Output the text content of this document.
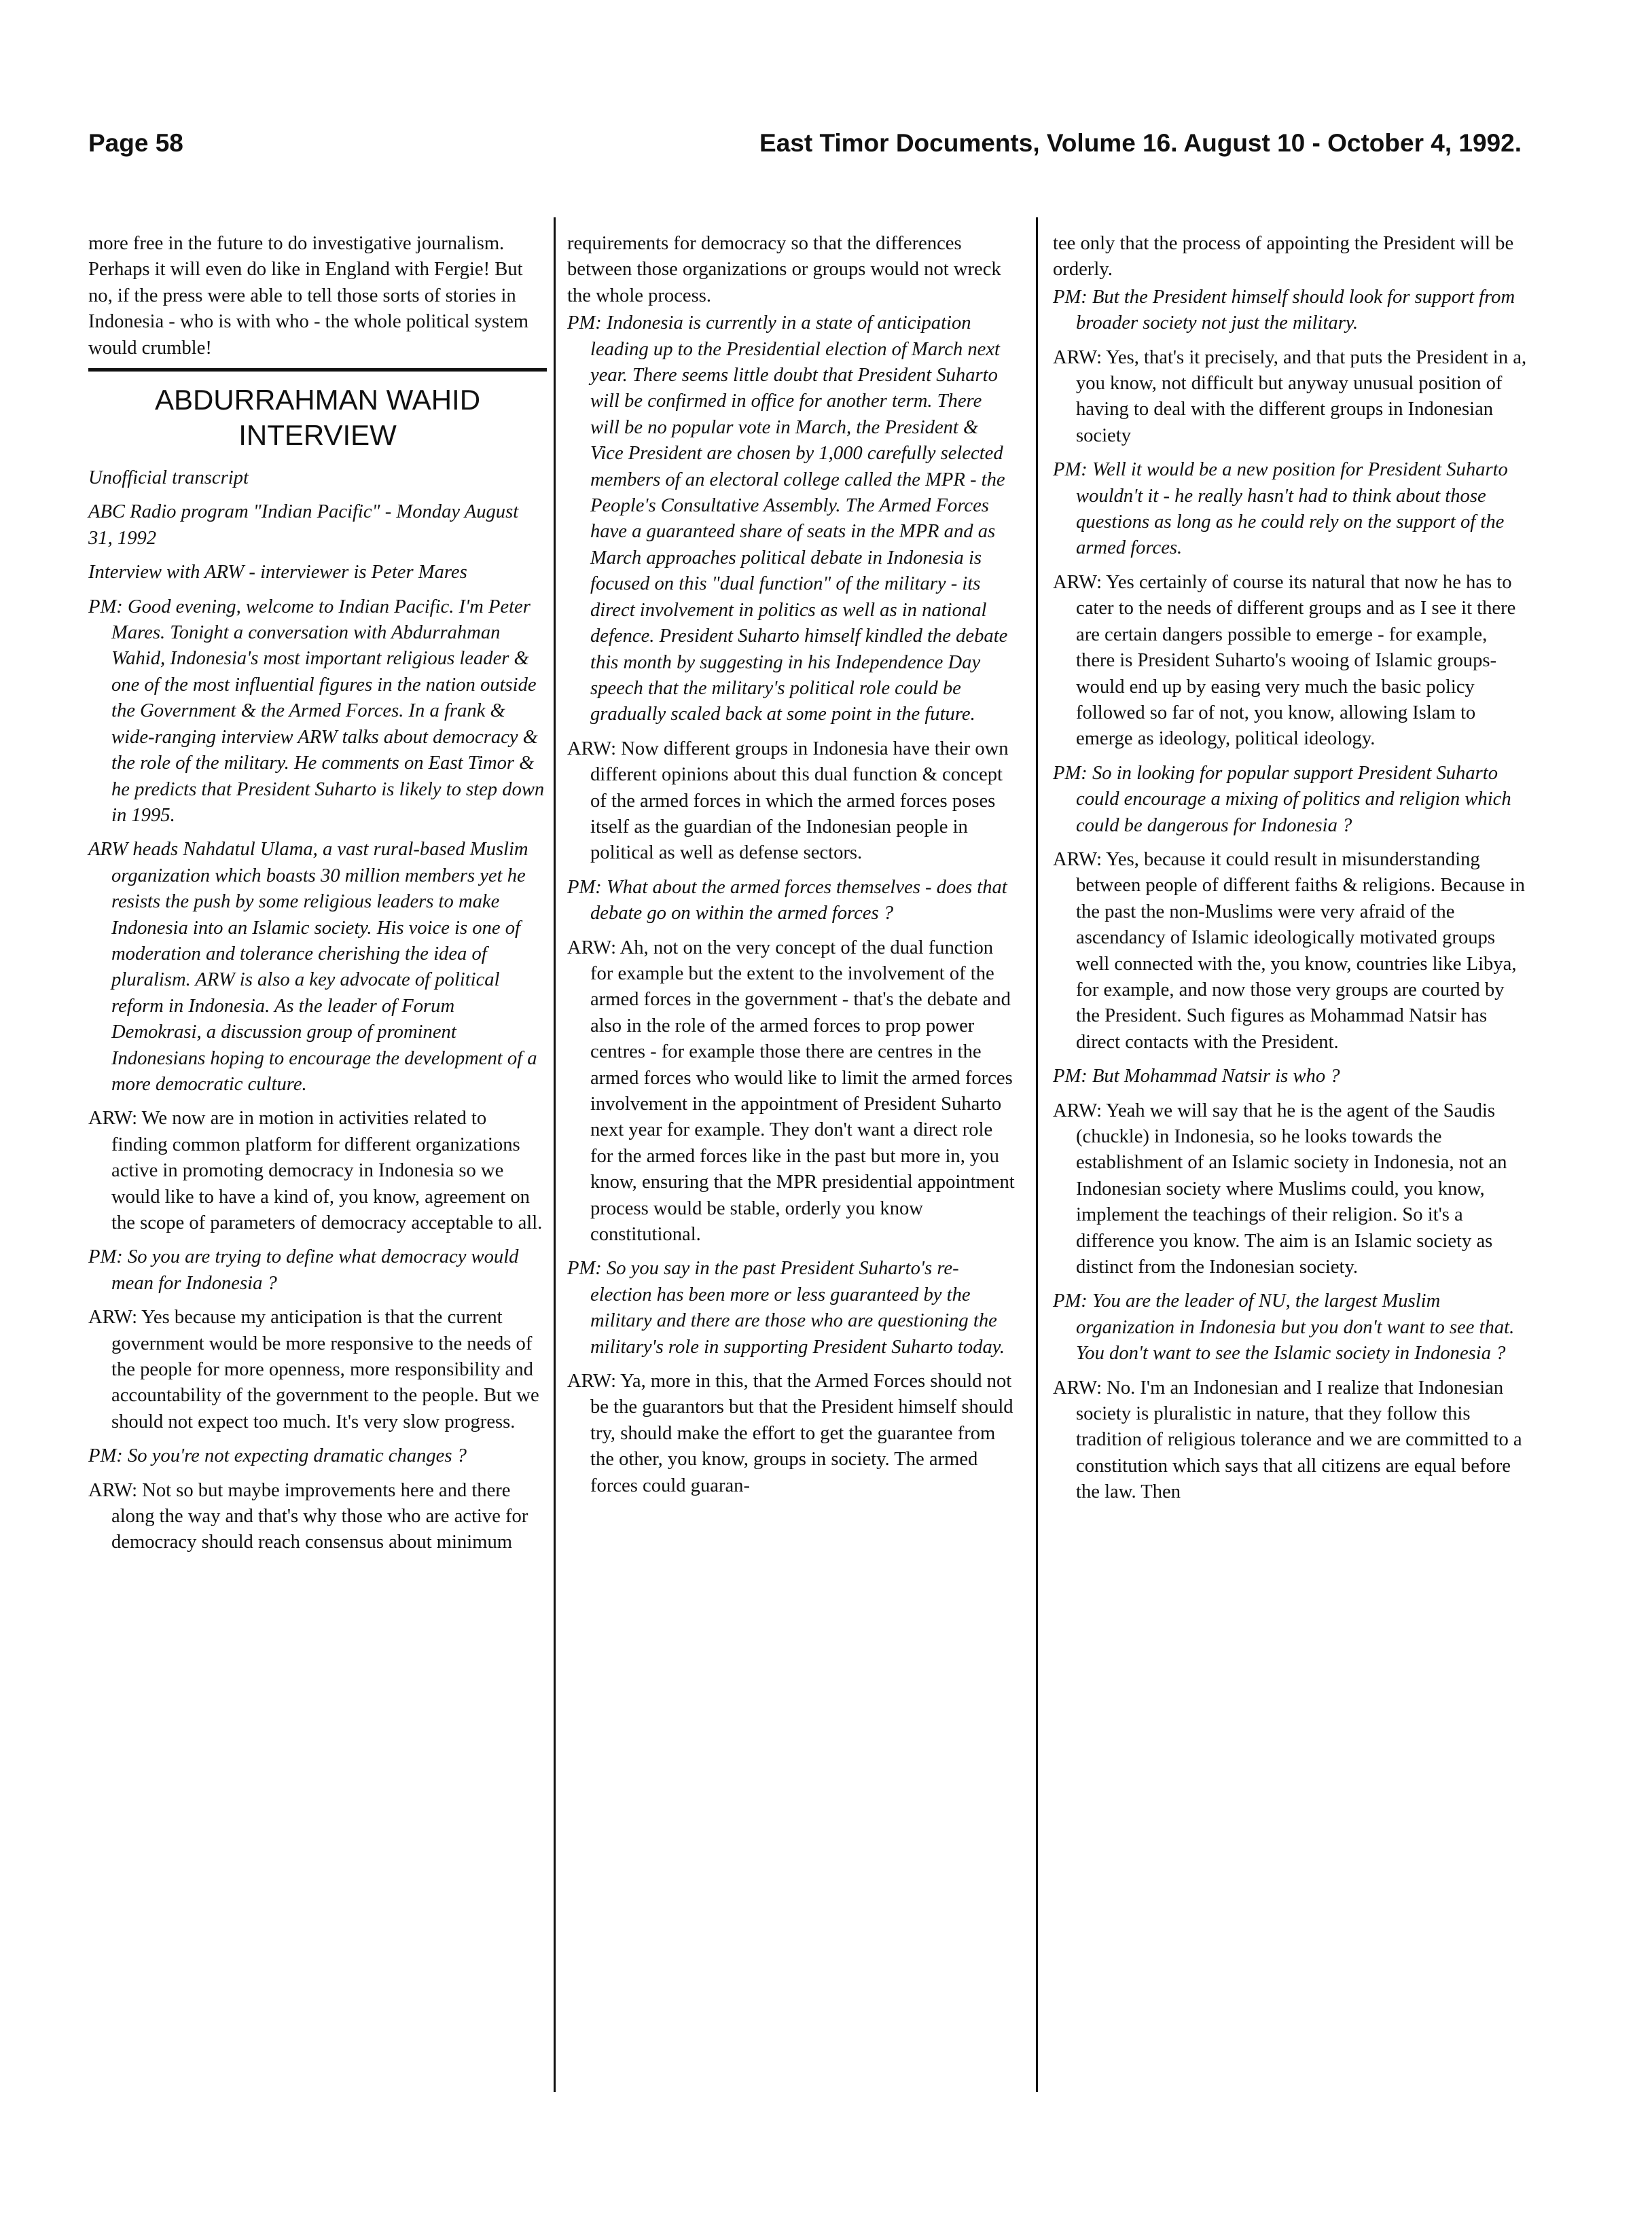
Page 58	East Timor Documents, Volume 16. August 10 - October 4, 1992.

more free in the future to do investigative journalism. Perhaps it will even do like in England with Fergie! But no, if the press were able to tell those sorts of stories in Indonesia - who is with who - the whole political system would crumble!

ABDURRAHMAN WAHID INTERVIEW

Unofficial transcript

ABC Radio program "Indian Pacific" - Monday August 31, 1992

Interview with ARW - interviewer is Peter Mares

PM: Good evening, welcome to Indian Pacific. I'm Peter Mares. Tonight a conversation with Abdurrahman Wahid, Indonesia's most important religious leader & one of the most influential figures in the nation outside the Government & the Armed Forces. In a frank & wide-ranging interview ARW talks about democracy & the role of the military. He comments on East Timor & he predicts that President Suharto is likely to step down in 1995.

ARW heads Nahdatul Ulama, a vast rural-based Muslim organization which boasts 30 million members yet he resists the push by some religious leaders to make Indonesia into an Islamic society. His voice is one of moderation and tolerance cherishing the idea of pluralism. ARW is also a key advocate of political reform in Indonesia. As the leader of Forum Demokrasi, a discussion group of prominent Indonesians hoping to encourage the development of a more democratic culture.

ARW: We now are in motion in activities related to finding common platform for different organizations active in promoting democracy in Indonesia so we would like to have a kind of, you know, agreement on the scope of parameters of democracy acceptable to all.

PM: So you are trying to define what democracy would mean for Indonesia ?

ARW: Yes because my anticipation is that the current government would be more responsive to the needs of the people for more openness, more responsibility and accountability of the government to the people. But we should not expect too much. It's very slow progress.

PM: So you're not expecting dramatic changes ?

ARW: Not so but maybe improvements here and there along the way and that's why those who are active for democracy should reach consensus about minimum

requirements for democracy so that the differences between those organizations or groups would not wreck the whole process.

PM: Indonesia is currently in a state of anticipation leading up to the Presidential election of March next year. There seems little doubt that President Suharto will be confirmed in office for another term. There will be no popular vote in March, the President & Vice President are chosen by 1,000 carefully selected members of an electoral college called the MPR - the People's Consultative Assembly. The Armed Forces have a guaranteed share of seats in the MPR and as March approaches political debate in Indonesia is focused on this "dual function" of the military - its direct involvement in politics as well as in national defence. President Suharto himself kindled the debate this month by suggesting in his Independence Day speech that the military's political role could be gradually scaled back at some point in the future.

ARW: Now different groups in Indonesia have their own different opinions about this dual function & concept of the armed forces in which the armed forces poses itself as the guardian of the Indonesian people in political as well as defense sectors.

PM: What about the armed forces themselves - does that debate go on within the armed forces ?

ARW: Ah, not on the very concept of the dual function for example but the extent to the involvement of the armed forces in the government - that's the debate and also in the role of the armed forces to prop power centres - for example those there are centres in the armed forces who would like to limit the armed forces involvement in the appointment of President Suharto next year for example. They don't want a direct role for the armed forces like in the past but more in, you know, ensuring that the MPR presidential appointment process would be stable, orderly you know constitutional.

PM: So you say in the past President Suharto's re-election has been more or less guaranteed by the military and there are those who are questioning the military's role in supporting President Suharto today.

ARW: Ya, more in this, that the Armed Forces should not be the guarantors but that the President himself should try, should make the effort to get the guarantee from the other, you know, groups in society. The armed forces could guaran-

tee only that the process of appointing the President will be orderly.

PM: But the President himself should look for support from broader society not just the military.

ARW: Yes, that's it precisely, and that puts the President in a, you know, not difficult but anyway unusual position of having to deal with the different groups in Indonesian society

PM: Well it would be a new position for President Suharto wouldn't it - he really hasn't had to think about those questions as long as he could rely on the support of the armed forces.

ARW: Yes certainly of course its natural that now he has to cater to the needs of different groups and as I see it there are certain dangers possible to emerge - for example, there is President Suharto's wooing of Islamic groups- would end up by easing very much the basic policy followed so far of not, you know, allowing Islam to emerge as ideology, political ideology.

PM: So in looking for popular support President Suharto could encourage a mixing of politics and religion which could be dangerous for Indonesia ?

ARW: Yes, because it could result in misunderstanding between people of different faiths & religions. Because in the past the non-Muslims were very afraid of the ascendancy of Islamic ideologically motivated groups well connected with the, you know, countries like Libya, for example, and now those very groups are courted by the President. Such figures as Mohammad Natsir has direct contacts with the President.

PM: But Mohammad Natsir is who ?

ARW: Yeah we will say that he is the agent of the Saudis (chuckle) in Indonesia, so he looks towards the establishment of an Islamic society in Indonesia, not an Indonesian society where Muslims could, you know, implement the teachings of their religion. So it's a difference you know. The aim is an Islamic society as distinct from the Indonesian society.

PM: You are the leader of NU, the largest Muslim organization in Indonesia but you don't want to see that. You don't want to see the Islamic society in Indonesia ?

ARW: No. I'm an Indonesian and I realize that Indonesian society is pluralistic in nature, that they follow this tradition of religious tolerance and we are committed to a constitution which says that all citizens are equal before the law. Then
